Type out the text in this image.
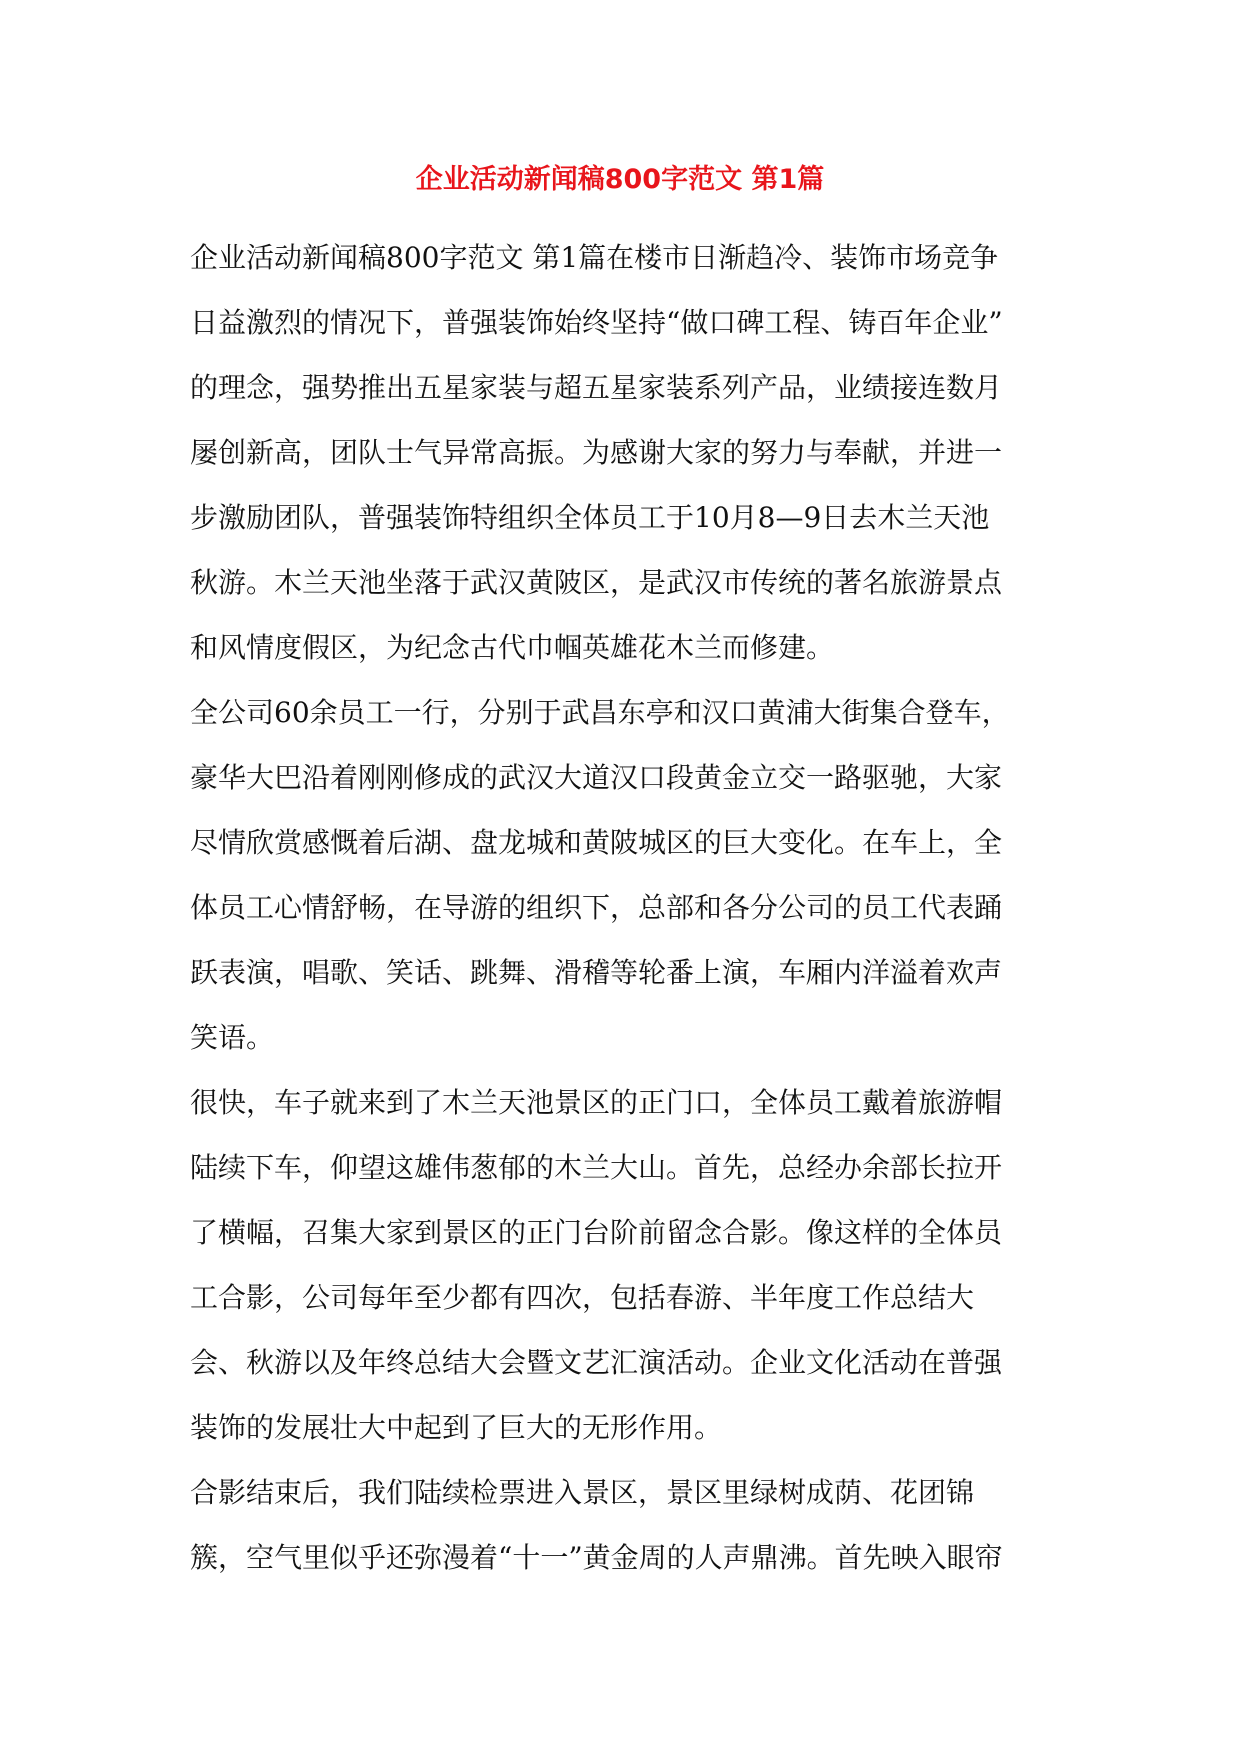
企业活动新闻稿800字范文 第1篇
企业活动新闻稿800字范文 第1篇在楼市日渐趋冷、装饰市场竞争
日益激烈的情况下，普强装饰始终坚持“做口碑工程、铸百年企业”
的理念，强势推出五星家装与超五星家装系列产品，业绩接连数月
屡创新高，团队士气异常高振。为感谢大家的努力与奉献，并进一
步激励团队，普强装饰特组织全体员工于10月8—9日去木兰天池
秋游。木兰天池坐落于武汉黄陂区，是武汉市传统的著名旅游景点
和风情度假区，为纪念古代巾帼英雄花木兰而修建。
全公司60余员工一行，分别于武昌东亭和汉口黄浦大街集合登车，
豪华大巴沿着刚刚修成的武汉大道汉口段黄金立交一路驱驰，大家
尽情欣赏感慨着后湖、盘龙城和黄陂城区的巨大变化。在车上，全
体员工心情舒畅，在导游的组织下，总部和各分公司的员工代表踊
跃表演，唱歌、笑话、跳舞、滑稽等轮番上演，车厢内洋溢着欢声
笑语。
很快，车子就来到了木兰天池景区的正门口，全体员工戴着旅游帽
陆续下车，仰望这雄伟葱郁的木兰大山。首先，总经办余部长拉开
了横幅，召集大家到景区的正门台阶前留念合影。像这样的全体员
工合影，公司每年至少都有四次，包括春游、半年度工作总结大
会、秋游以及年终总结大会暨文艺汇演活动。企业文化活动在普强
装饰的发展壮大中起到了巨大的无形作用。
合影结束后，我们陆续检票进入景区，景区里绿树成荫、花团锦
簇，空气里似乎还弥漫着“十一”黄金周的人声鼎沸。首先映入眼帘
